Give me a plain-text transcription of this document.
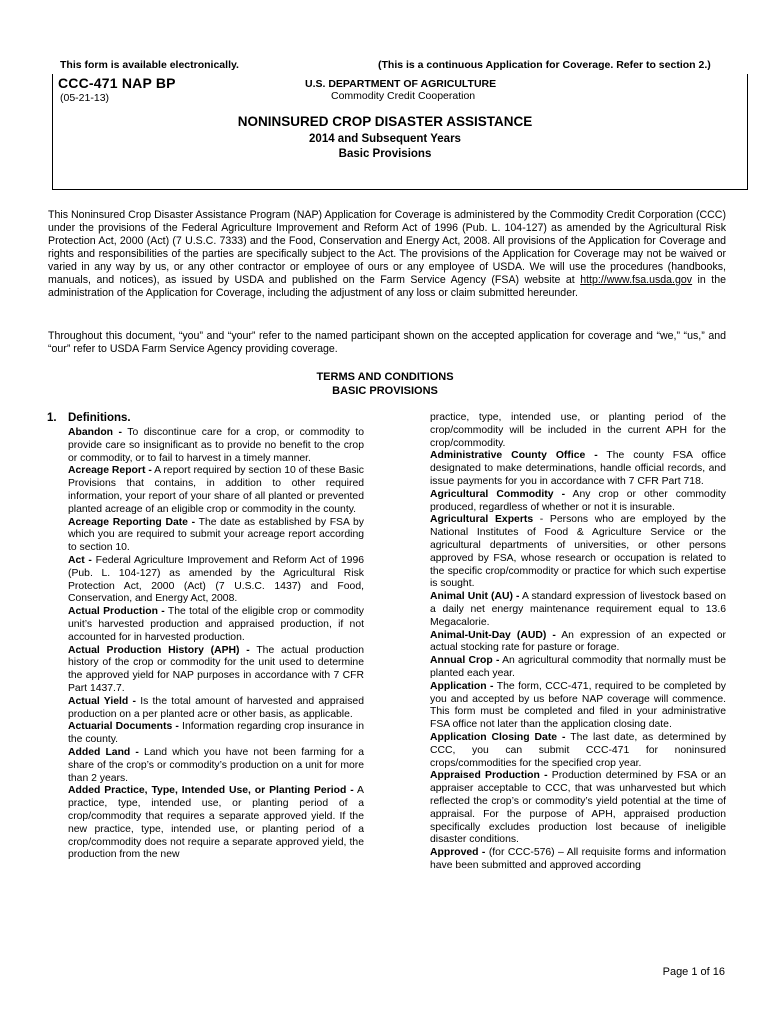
This form is available electronically.	(This is a continuous Application for Coverage. Refer to section 2.)
CCC-471 NAP BP
(05-21-13)
U.S. DEPARTMENT OF AGRICULTURE
Commodity Credit Cooperation
NONINSURED CROP DISASTER ASSISTANCE
2014 and Subsequent Years
Basic Provisions
This Noninsured Crop Disaster Assistance Program (NAP) Application for Coverage is administered by the Commodity Credit Corporation (CCC) under the provisions of the Federal Agriculture Improvement and Reform Act of 1996 (Pub. L. 104-127) as amended by the Agricultural Risk Protection Act, 2000 (Act) (7 U.S.C. 7333) and the Food, Conservation and Energy Act, 2008. All provisions of the Application for Coverage and rights and responsibilities of the parties are specifically subject to the Act. The provisions of the Application for Coverage may not be waived or varied in any way by us, or any other contractor or employee of ours or any employee of USDA. We will use the procedures (handbooks, manuals, and notices), as issued by USDA and published on the Farm Service Agency (FSA) website at http://www.fsa.usda.gov in the administration of the Application for Coverage, including the adjustment of any loss or claim submitted hereunder.
Throughout this document, “you” and “your” refer to the named participant shown on the accepted application for coverage and “we,” “us,” and “our” refer to USDA Farm Service Agency providing coverage.
TERMS AND CONDITIONS
BASIC PROVISIONS
1. Definitions.

Abandon - To discontinue care for a crop, or commodity to provide care so insignificant as to provide no benefit to the crop or commodity, or to fail to harvest in a timely manner.

Acreage Report - A report required by section 10 of these Basic Provisions that contains, in addition to other required information, your report of your share of all planted or prevented planted acreage of an eligible crop or commodity in the county.

Acreage Reporting Date - The date as established by FSA by which you are required to submit your acreage report according to section 10.

Act - Federal Agriculture Improvement and Reform Act of 1996 (Pub. L. 104-127) as amended by the Agricultural Risk Protection Act, 2000 (Act) (7 U.S.C. 1437) and Food, Conservation, and Energy Act, 2008.

Actual Production - The total of the eligible crop or commodity unit’s harvested production and appraised production, if not accounted for in harvested production.

Actual Production History (APH) - The actual production history of the crop or commodity for the unit used to determine the approved yield for NAP purposes in accordance with 7 CFR Part 1437.7.

Actual Yield - Is the total amount of harvested and appraised production on a per planted acre or other basis, as applicable.

Actuarial Documents - Information regarding crop insurance in the county.

Added Land - Land which you have not been farming for a share of the crop’s or commodity’s production on a unit for more than 2 years.

Added Practice, Type, Intended Use, or Planting Period - A practice, type, intended use, or planting period of a crop/commodity that requires a separate approved yield. If the new practice, type, intended use, or planting period of a crop/commodity does not require a separate approved yield, the production from the new

practice, type, intended use, or planting period of the crop/commodity will be included in the current APH for the crop/commodity.

Administrative County Office - The county FSA office designated to make determinations, handle official records, and issue payments for you in accordance with 7 CFR Part 718.

Agricultural Commodity - Any crop or other commodity produced, regardless of whether or not it is insurable.

Agricultural Experts - Persons who are employed by the National Institutes of Food & Agriculture Service or the agricultural departments of universities, or other persons approved by FSA, whose research or occupation is related to the specific crop/commodity or practice for which such expertise is sought.

Animal Unit (AU) - A standard expression of livestock based on a daily net energy maintenance requirement equal to 13.6 Megacalorie.

Animal-Unit-Day (AUD) - An expression of an expected or actual stocking rate for pasture or forage.

Annual Crop - An agricultural commodity that normally must be planted each year.

Application - The form, CCC-471, required to be completed by you and accepted by us before NAP coverage will commence. This form must be completed and filed in your administrative FSA office not later than the application closing date.

Application Closing Date - The last date, as determined by CCC, you can submit CCC-471 for noninsured crops/commodities for the specified crop year.

Appraised Production - Production determined by FSA or an appraiser acceptable to CCC, that was unharvested but which reflected the crop’s or commodity’s yield potential at the time of appraisal. For the purpose of APH, appraised production specifically excludes production lost because of ineligible disaster conditions.

Approved - (for CCC-576) – All requisite forms and information have been submitted and approved according

Page 1 of 16
